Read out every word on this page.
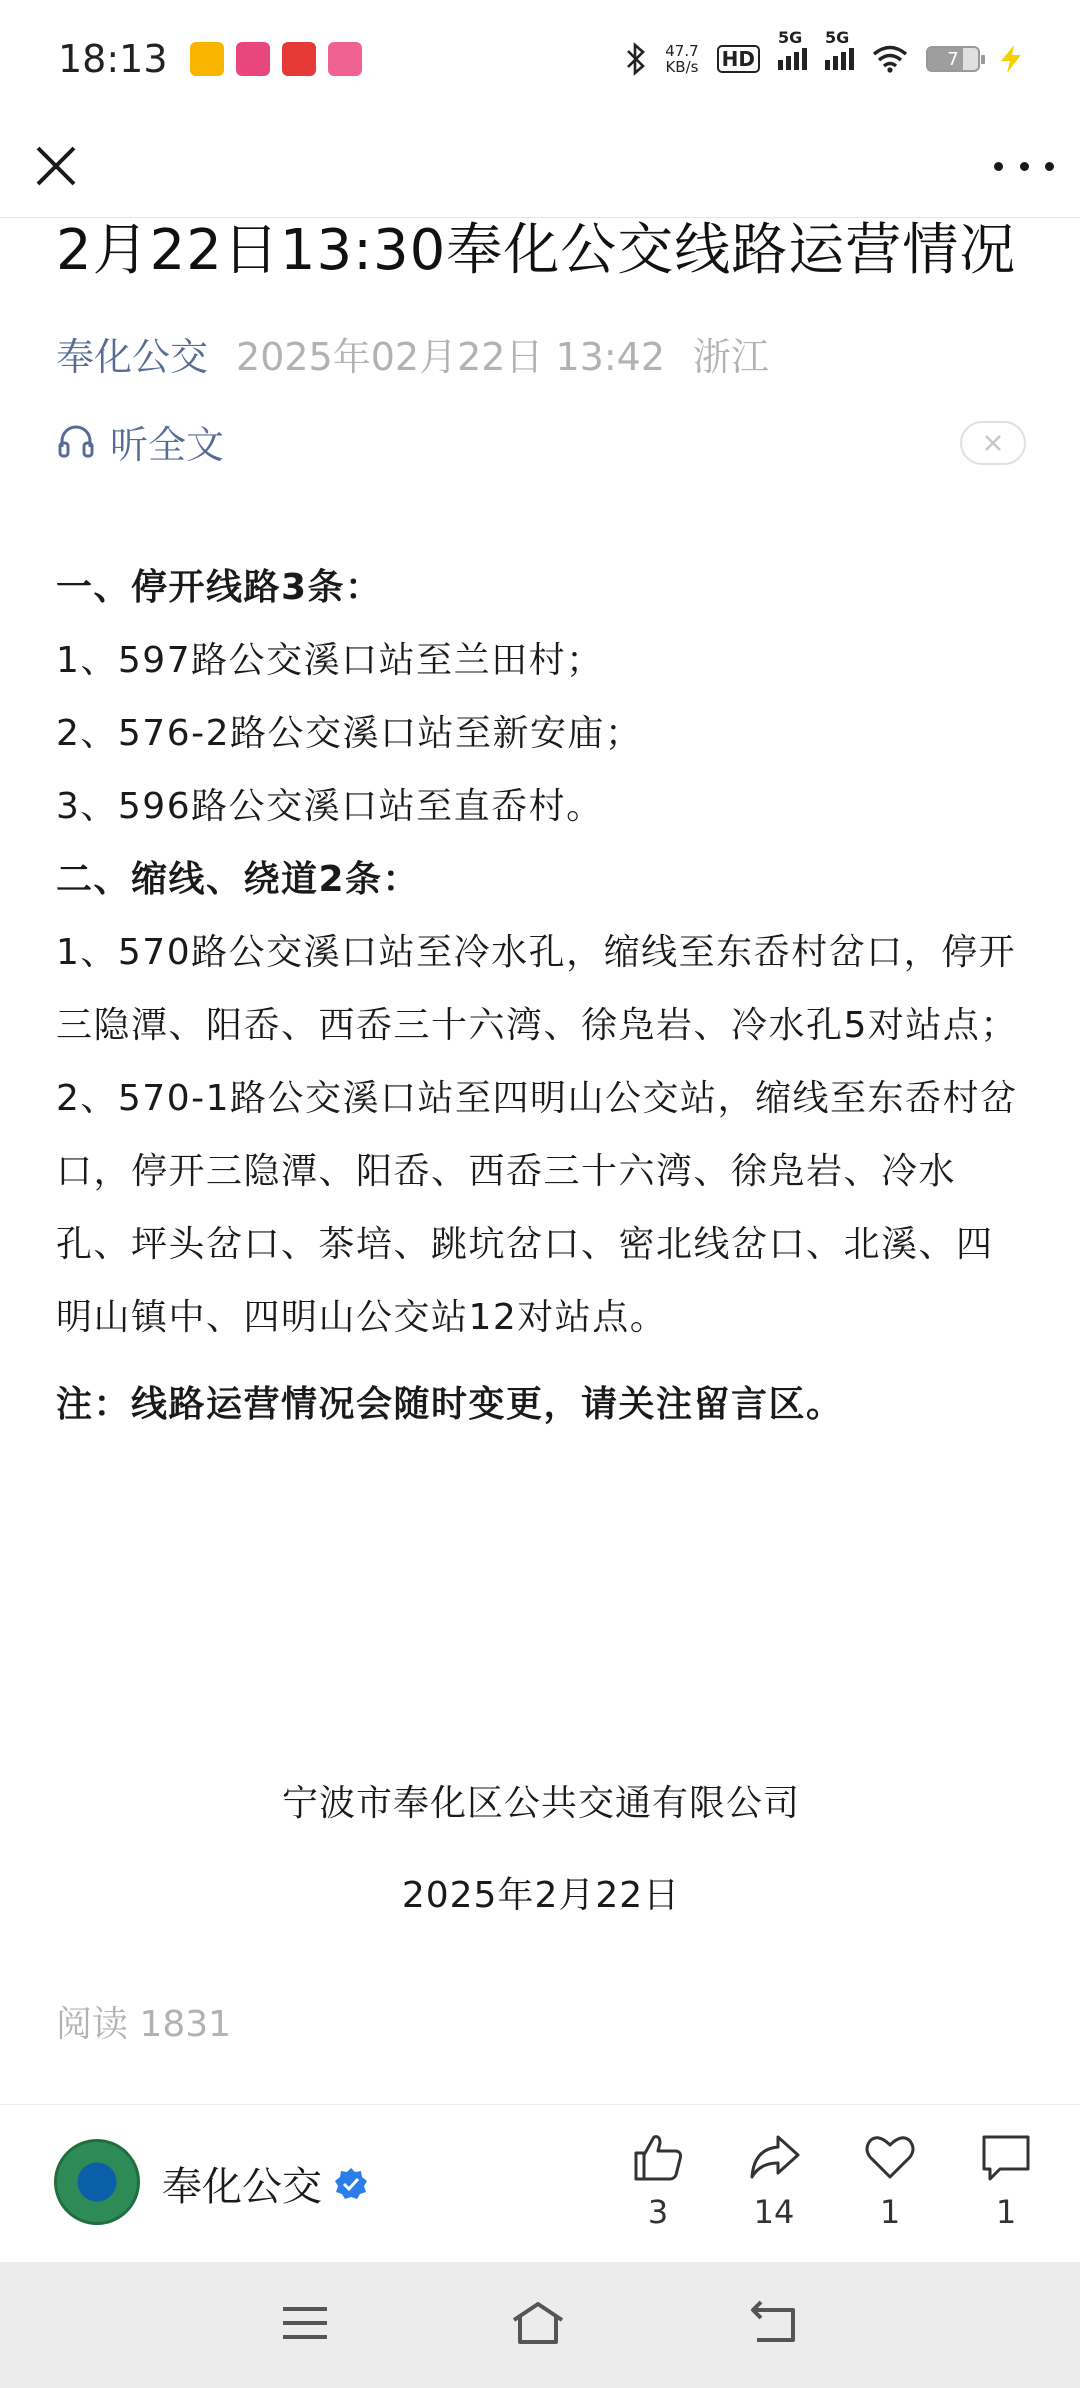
18:13	47.7
KB/s HD
5G 5G
7
2月22日13:30奉化公交线路运营情况
奉化公交 2025年02月22日 13:42 浙江
听全文

一、停开线路3条：

1、597路公交溪口站至兰田村；

2、576-2路公交溪口站至新安庙；

3、596路公交溪口站至直岙村。

二、缩线、绕道2条：

1、570路公交溪口站至冷水孔，缩线至东岙村岔口，停开三隐潭、阳岙、西岙三十六湾、徐凫岩、冷水孔5对站点；

2、570-1路公交溪口站至四明山公交站，缩线至东岙村岔口，停开三隐潭、阳岙、西岙三十六湾、徐凫岩、冷水孔、坪头岔口、茶培、跳坑岔口、密北线岔口、北溪、四明山镇中、四明山公交站12对站点。

注：线路运营情况会随时变更，请关注留言区。

宁波市奉化区公共交通有限公司
2025年2月22日
阅读 1831
奉化公交
3	14	1	1
